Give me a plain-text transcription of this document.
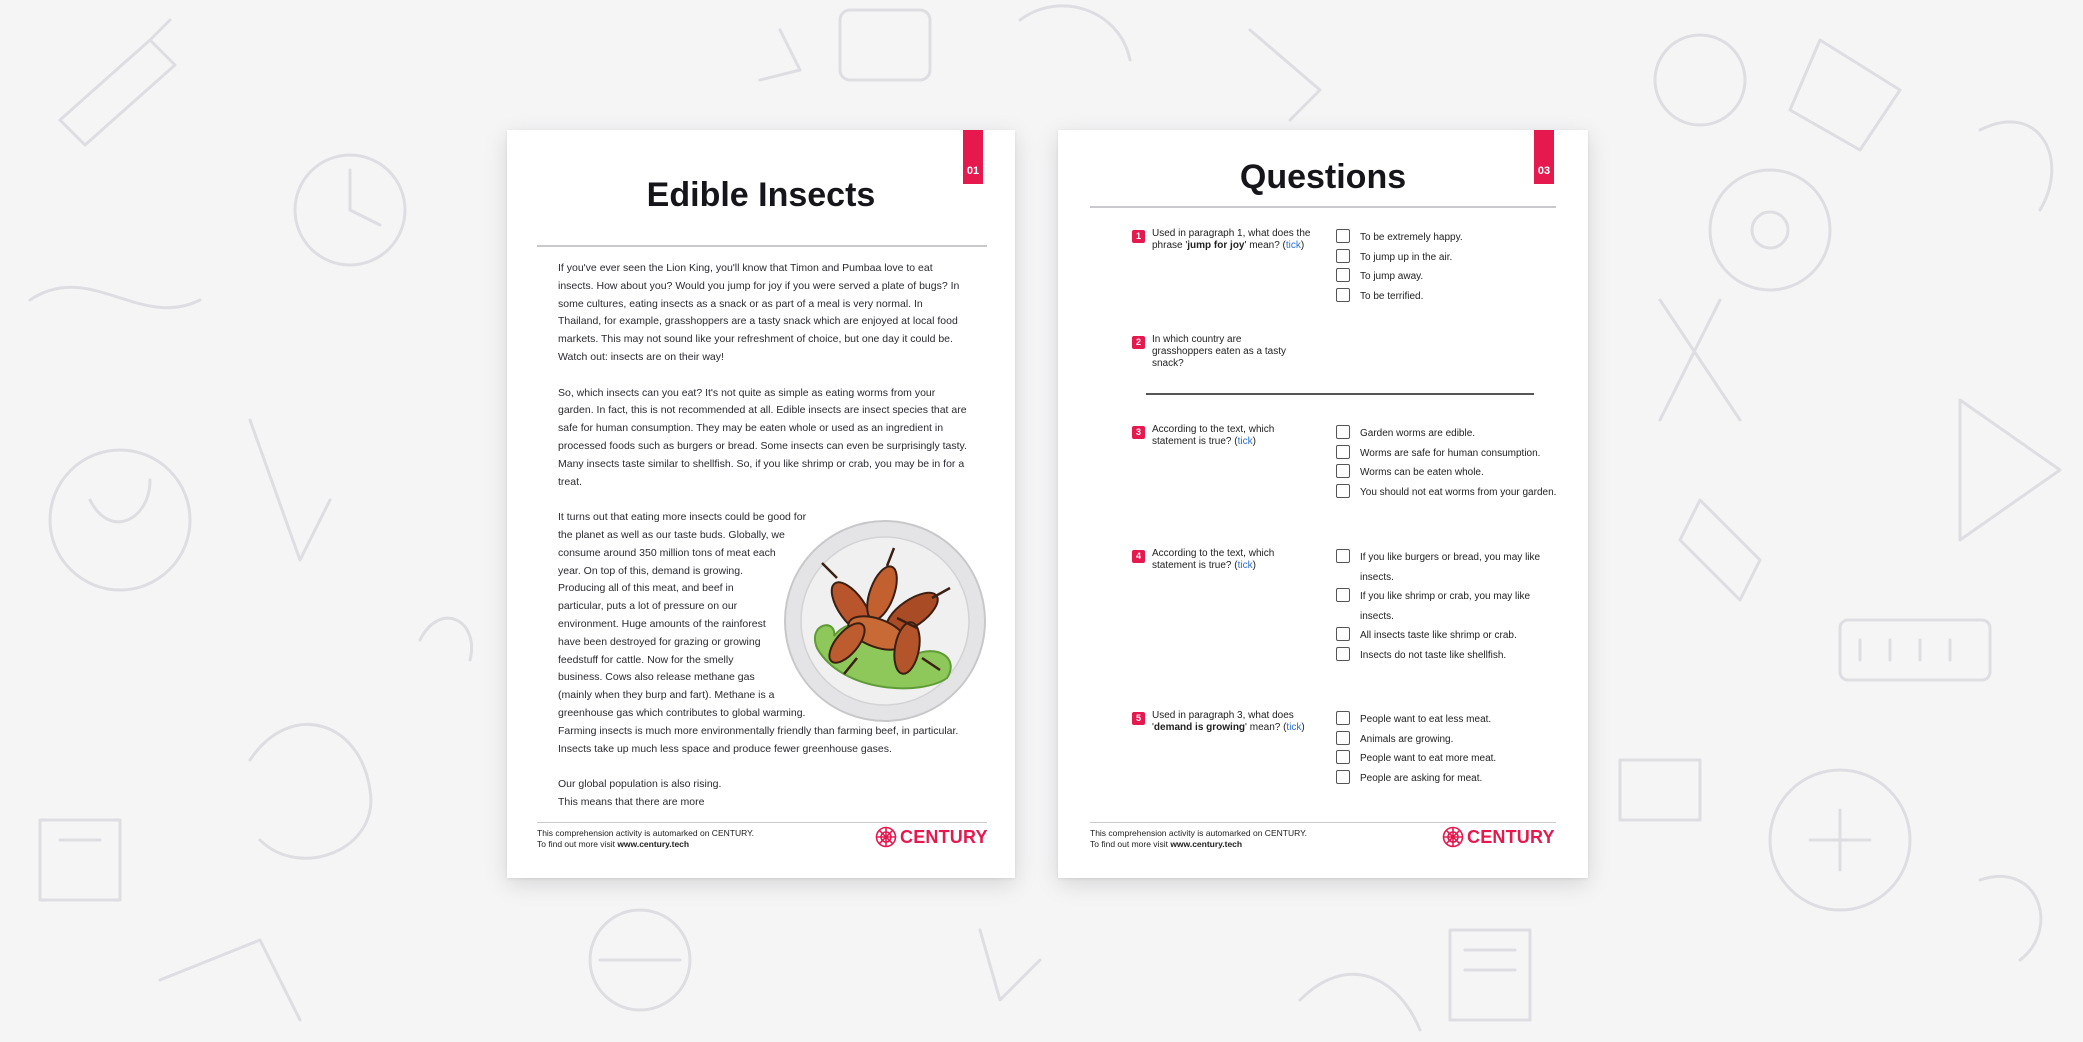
01
Edible Insects

If you've ever seen the Lion King, you'll know that Timon and Pumbaa love to eat insects. How about you? Would you jump for joy if you were served a plate of bugs? In some cultures, eating insects as a snack or as part of a meal is very normal. In Thailand, for example, grasshoppers are a tasty snack which are enjoyed at local food markets. This may not sound like your refreshment of choice, but one day it could be. Watch out: insects are on their way!

So, which insects can you eat? It's not quite as simple as eating worms from your garden. In fact, this is not recommended at all. Edible insects are insect species that are safe for human consumption. They may be eaten whole or used as an ingredient in processed foods such as burgers or bread. Some insects can even be surprisingly tasty. Many insects taste similar to shellfish. So, if you like shrimp or crab, you may be in for a treat.

It turns out that eating more insects could be good for the planet as well as our taste buds. Globally, we consume around 350 million tons of meat each year. On top of this, demand is growing. Producing all of this meat, and beef in particular, puts a lot of pressure on our environment. Huge amounts of the rainforest have been destroyed for grazing or growing feedstuff for cattle. Now for the smelly business. Cows also release methane gas (mainly when they burp and fart). Methane is a greenhouse gas which contributes to global warming. Farming insects is much more environmentally friendly than farming beef, in particular. Insects take up much less space and produce fewer greenhouse gases.

Our global population is also rising. This means that there are more

This comprehension activity is automarked on CENTURY.
To find out more visit www.century.tech	CENTURY
03
Questions
1	Used in paragraph 1, what does the phrase 'jump for joy' mean? (tick)
To be extremely happy.
To jump up in the air.
To jump away.
To be terrified.
2	In which country are grasshoppers eaten as a tasty snack?
3	According to the text, which statement is true? (tick)
Garden worms are edible.
Worms are safe for human consumption.
Worms can be eaten whole.
You should not eat worms from your garden.
4	According to the text, which statement is true? (tick)
If you like burgers or bread, you may like insects.
If you like shrimp or crab, you may like insects.
All insects taste like shrimp or crab.
Insects do not taste like shellfish.
5	Used in paragraph 3, what does 'demand is growing' mean? (tick)
People want to eat less meat.
Animals are growing.
People want to eat more meat.
People are asking for meat.
This comprehension activity is automarked on CENTURY.
To find out more visit www.century.tech	CENTURY
